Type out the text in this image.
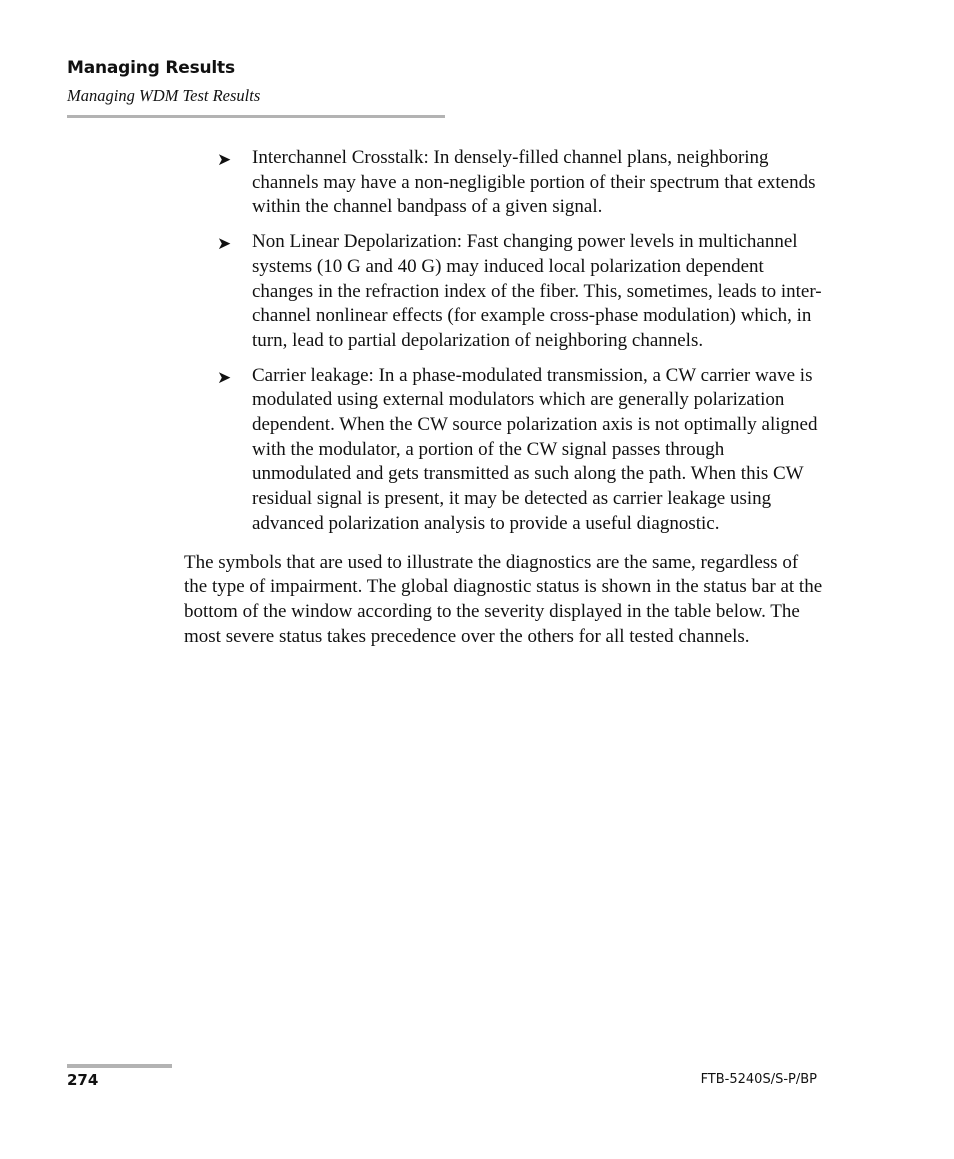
Managing Results

Managing WDM Test Results

➤ Interchannel Crosstalk: In densely-filled channel plans, neighboring channels may have a non-negligible portion of their spectrum that extends within the channel bandpass of a given signal.
➤ Non Linear Depolarization: Fast changing power levels in multichannel systems (10 G and 40 G) may induced local polarization dependent changes in the refraction index of the fiber. This, sometimes, leads to inter-channel nonlinear effects (for example cross-phase modulation) which, in turn, lead to partial depolarization of neighboring channels.
➤ Carrier leakage: In a phase-modulated transmission, a CW carrier wave is modulated using external modulators which are generally polarization dependent. When the CW source polarization axis is not optimally aligned with the modulator, a portion of the CW signal passes through unmodulated and gets transmitted as such along the path. When this CW residual signal is present, it may be detected as carrier leakage using advanced polarization analysis to provide a useful diagnostic.

The symbols that are used to illustrate the diagnostics are the same, regardless of the type of impairment. The global diagnostic status is shown in the status bar at the bottom of the window according to the severity displayed in the table below. The most severe status takes precedence over the others for all tested channels.

274	FTB-5240S/S-P/BP
